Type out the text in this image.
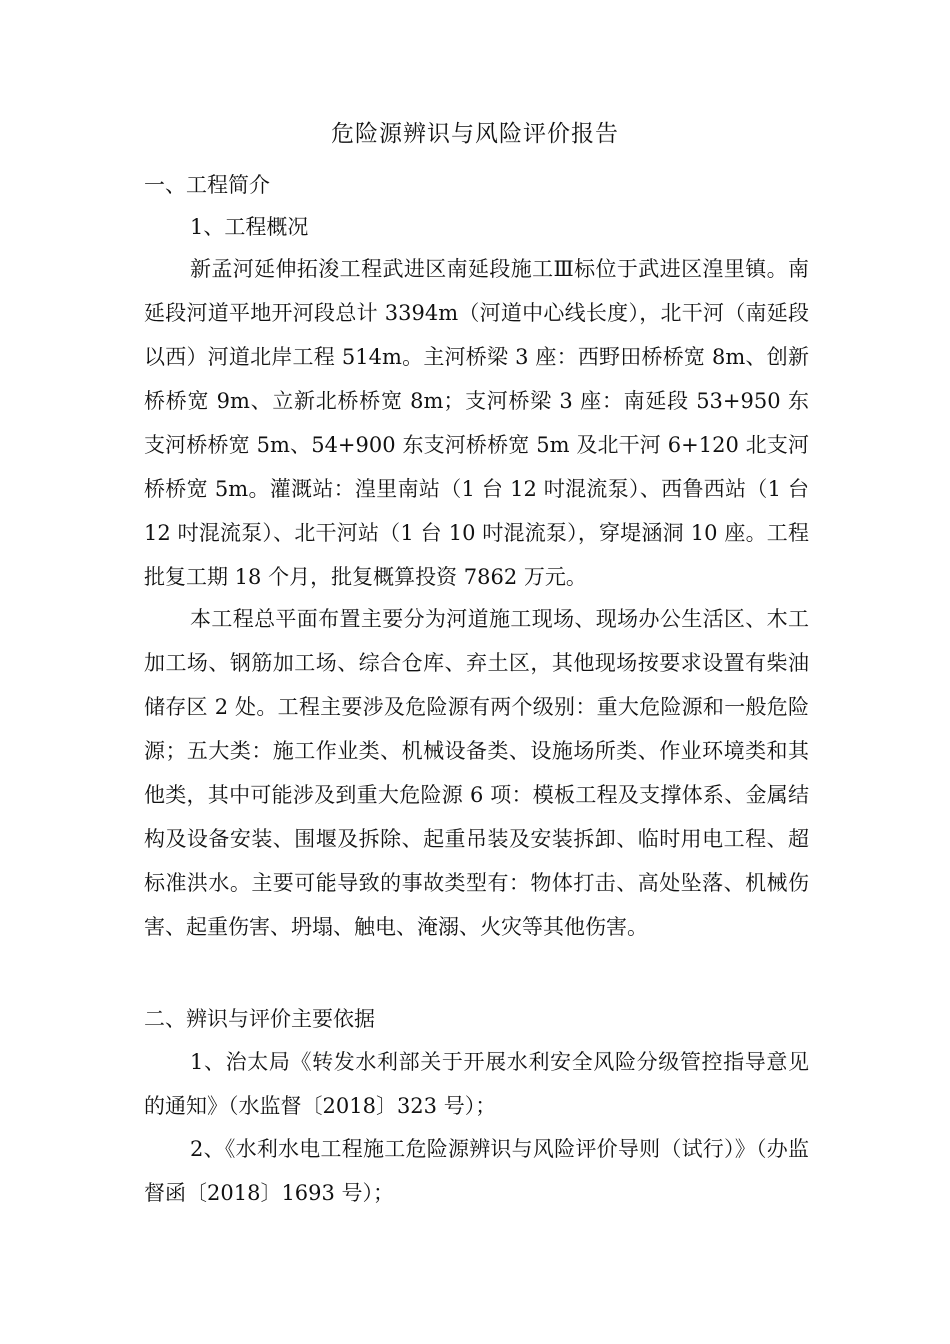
危险源辨识与风险评价报告
一、工程简介
1、工程概况
新孟河延伸拓浚工程武进区南延段施工Ⅲ标位于武进区湟里镇。南延段河道平地开河段总计 3394m（河道中心线长度），北干河（南延段以西）河道北岸工程 514m。主河桥梁 3 座：西野田桥桥宽 8m、创新桥桥宽 9m、立新北桥桥宽 8m；支河桥梁 3 座：南延段 53+950 东支河桥桥宽 5m、54+900 东支河桥桥宽 5m 及北干河 6+120 北支河桥桥宽 5m。灌溉站：湟里南站（1 台 12 吋混流泵）、西鲁西站（1 台 12 吋混流泵）、北干河站（1 台 10 吋混流泵），穿堤涵洞 10 座。工程批复工期 18 个月，批复概算投资 7862 万元。
本工程总平面布置主要分为河道施工现场、现场办公生活区、木工加工场、钢筋加工场、综合仓库、弃土区，其他现场按要求设置有柴油储存区 2 处。工程主要涉及危险源有两个级别：重大危险源和一般危险源；五大类：施工作业类、机械设备类、设施场所类、作业环境类和其他类，其中可能涉及到重大危险源 6 项：模板工程及支撑体系、金属结构及设备安装、围堰及拆除、起重吊装及安装拆卸、临时用电工程、超标准洪水。主要可能导致的事故类型有：物体打击、高处坠落、机械伤害、起重伤害、坍塌、触电、淹溺、火灾等其他伤害。
二、辨识与评价主要依据
1、治太局《转发水利部关于开展水利安全风险分级管控指导意见的通知》（水监督〔2018〕323 号）；
2、《水利水电工程施工危险源辨识与风险评价导则（试行）》（办监督函〔2018〕1693 号）；
